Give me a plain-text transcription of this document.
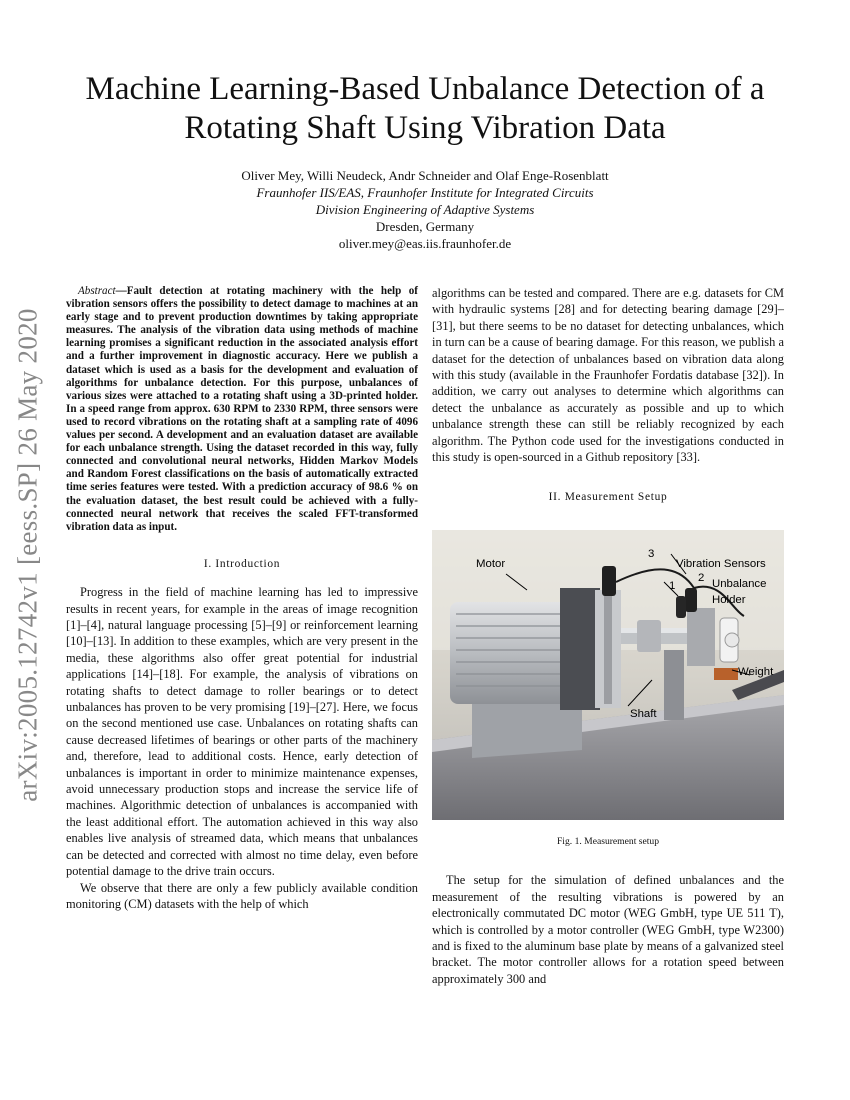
arXiv:2005.12742v1 [eess.SP] 26 May 2020
Machine Learning-Based Unbalance Detection of a Rotating Shaft Using Vibration Data
Oliver Mey, Willi Neudeck, Andr Schneider and Olaf Enge-Rosenblatt
Fraunhofer IIS/EAS, Fraunhofer Institute for Integrated Circuits
Division Engineering of Adaptive Systems
Dresden, Germany
oliver.mey@eas.iis.fraunhofer.de

Abstract—Fault detection at rotating machinery with the help of vibration sensors offers the possibility to detect damage to machines at an early stage and to prevent production downtimes by taking appropriate measures. The analysis of the vibration data using methods of machine learning promises a significant reduction in the associated analysis effort and a further improvement in diagnostic accuracy. Here we publish a dataset which is used as a basis for the development and evaluation of algorithms for unbalance detection. For this purpose, unbalances of various sizes were attached to a rotating shaft using a 3D-printed holder. In a speed range from approx. 630 RPM to 2330 RPM, three sensors were used to record vibrations on the rotating shaft at a sampling rate of 4096 values per second. A development and an evaluation dataset are available for each unbalance strength. Using the dataset recorded in this way, fully connected and convolutional neural networks, Hidden Markov Models and Random Forest classifications on the basis of automatically extracted time series features were tested. With a prediction accuracy of 98.6 % on the evaluation dataset, the best result could be achieved with a fully-connected neural network that receives the scaled FFT-transformed vibration data as input.

I. Introduction

Progress in the field of machine learning has led to impressive results in recent years, for example in the areas of image recognition [1]–[4], natural language processing [5]–[9] or reinforcement learning [10]–[13]. In addition to these examples, which are very present in the media, these algorithms also offer great potential for industrial applications [14]–[18]. For example, the analysis of vibrations on rotating shafts to detect damage to roller bearings or to detect unbalances has proven to be very promising [19]–[27]. Here, we focus on the second mentioned use case. Unbalances on rotating shafts can cause decreased lifetimes of bearings or other parts of the machinery and, therefore, lead to additional costs. Hence, early detection of unbalances is important in order to minimize maintenance expenses, avoid unnecessary production stops and increase the service life of machines. Algorithmic detection of unbalances is accompanied with the least additional effort. The automation achieved in this way also enables live analysis of streamed data, which means that unbalances can be detected and corrected with almost no time delay, even before potential damage to the drive train occurs.

We observe that there are only a few publicly available condition monitoring (CM) datasets with the help of which

algorithms can be tested and compared. There are e.g. datasets for CM with hydraulic systems [28] and for detecting bearing damage [29]–[31], but there seems to be no dataset for detecting unbalances, which in turn can be a cause of bearing damage. For this reason, we publish a dataset for the detection of unbalances based on vibration data along with this study (available in the Fraunhofer Fordatis database [32]). In addition, we carry out analyses to determine which algorithms can detect the unbalance as accurately as possible and up to which unbalance strength these can still be reliably recognized by each algorithm. The Python code used for the investigations conducted in this study is open-sourced in a Github repository [33].

II. Measurement Setup
Motor
3
Vibration Sensors
2
1	Unbalance
Holder
Weight
Shaft
Fig. 1. Measurement setup

The setup for the simulation of defined unbalances and the measurement of the resulting vibrations is powered by an electronically commutated DC motor (WEG GmbH, type UE 511 T), which is controlled by a motor controller (WEG GmbH, type W2300) and is fixed to the aluminum base plate by means of a galvanized steel bracket. The motor controller allows for a rotation speed between approximately 300 and
